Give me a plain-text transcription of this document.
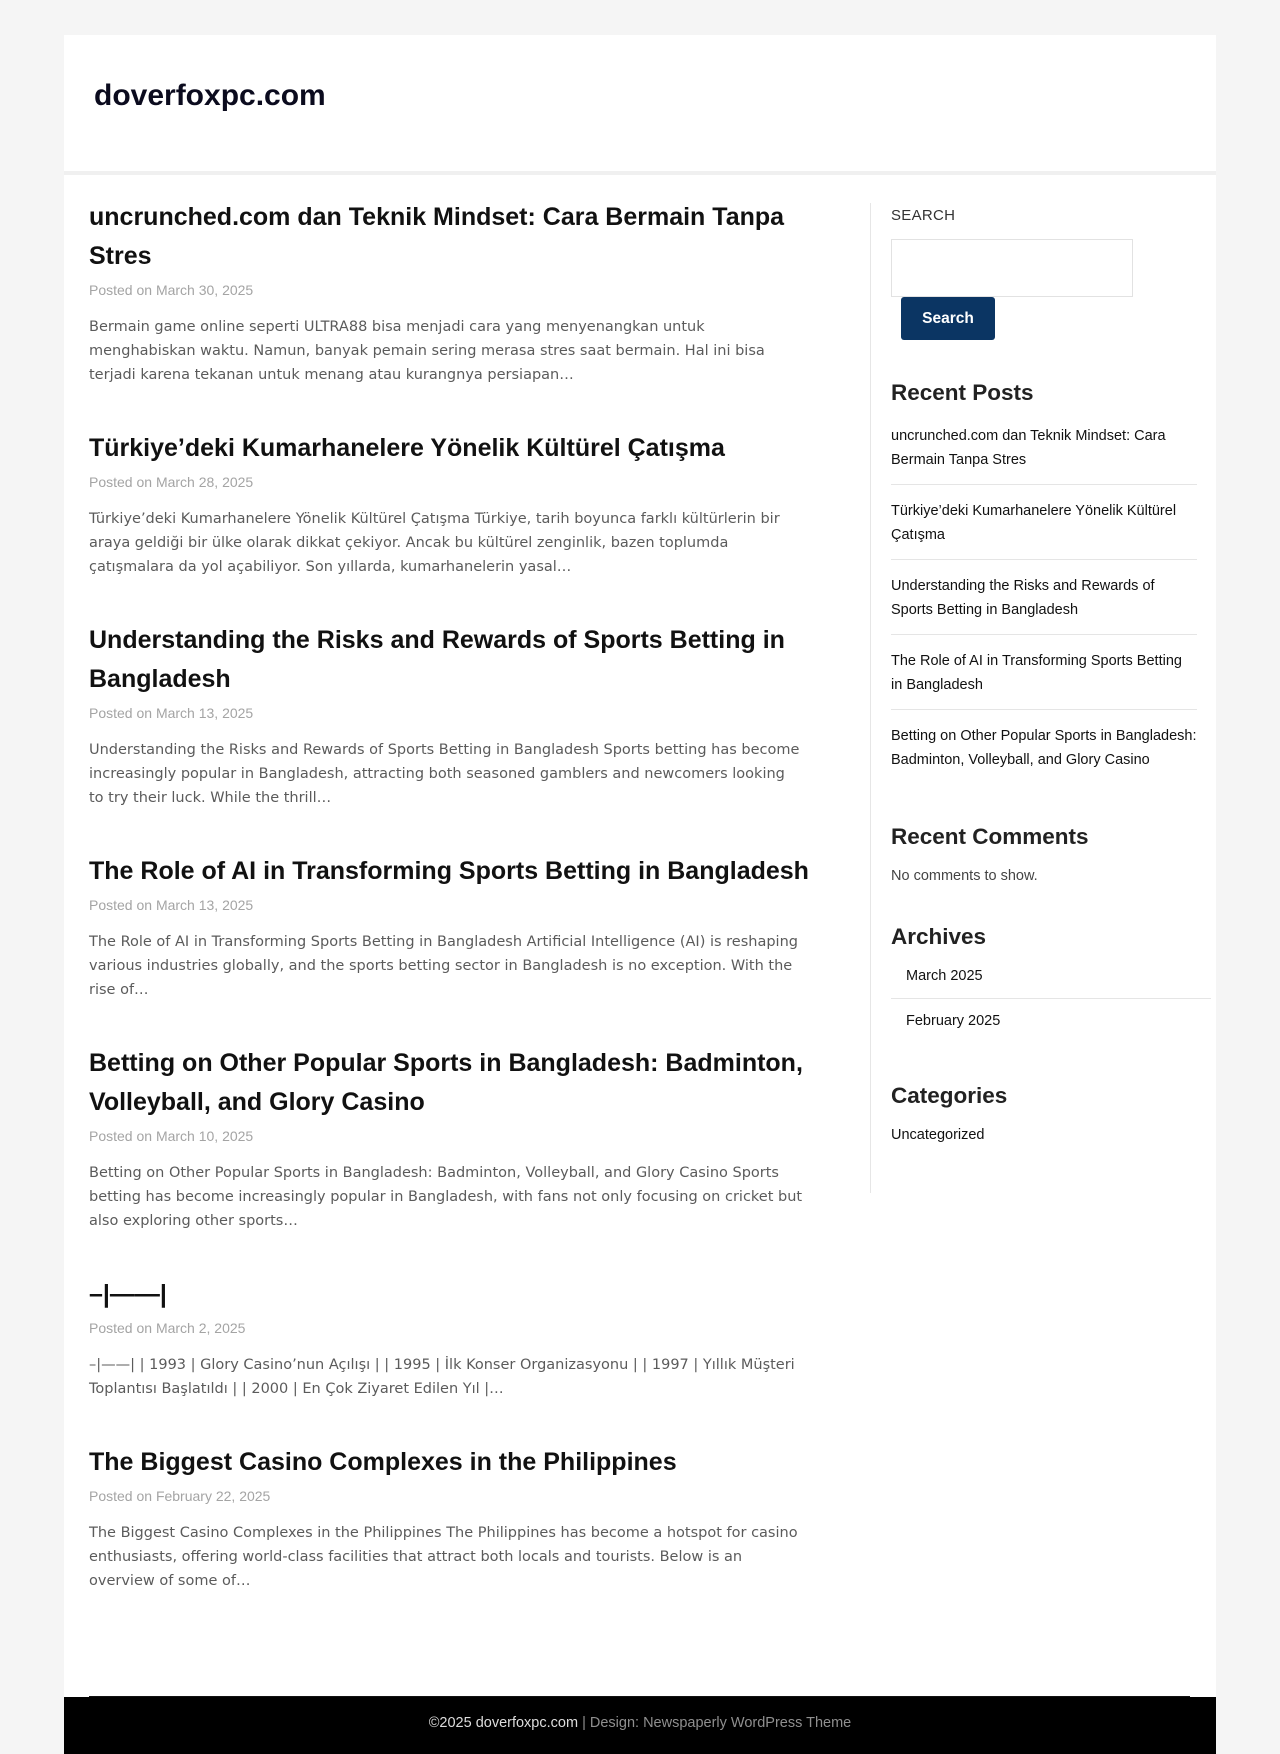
doverfoxpc.com
uncrunched.com dan Teknik Mindset: Cara Bermain Tanpa Stres
Posted on March 30, 2025

Bermain game online seperti ULTRA88 bisa menjadi cara yang menyenangkan untuk menghabiskan waktu. Namun, banyak pemain sering merasa stres saat bermain. Hal ini bisa terjadi karena tekanan untuk menang atau kurangnya persiapan…

Türkiye’deki Kumarhanelere Yönelik Kültürel Çatışma
Posted on March 28, 2025

Türkiye’deki Kumarhanelere Yönelik Kültürel Çatışma Türkiye, tarih boyunca farklı kültürlerin bir araya geldiği bir ülke olarak dikkat çekiyor. Ancak bu kültürel zenginlik, bazen toplumda çatışmalara da yol açabiliyor. Son yıllarda, kumarhanelerin yasal…

Understanding the Risks and Rewards of Sports Betting in Bangladesh
Posted on March 13, 2025

Understanding the Risks and Rewards of Sports Betting in Bangladesh Sports betting has become increasingly popular in Bangladesh, attracting both seasoned gamblers and newcomers looking to try their luck. While the thrill…

The Role of AI in Transforming Sports Betting in Bangladesh
Posted on March 13, 2025

The Role of AI in Transforming Sports Betting in Bangladesh Artificial Intelligence (AI) is reshaping various industries globally, and the sports betting sector in Bangladesh is no exception. With the rise of…

Betting on Other Popular Sports in Bangladesh: Badminton, Volleyball, and Glory Casino
Posted on March 10, 2025

Betting on Other Popular Sports in Bangladesh: Badminton, Volleyball, and Glory Casino Sports betting has become increasingly popular in Bangladesh, with fans not only focusing on cricket but also exploring other sports…

–|——|
Posted on March 2, 2025

–|——| | 1993 | Glory Casino’nun Açılışı | | 1995 | İlk Konser Organizasyonu | | 1997 | Yıllık Müşteri Toplantısı Başlatıldı | | 2000 | En Çok Ziyaret Edilen Yıl |…

The Biggest Casino Complexes in the Philippines
Posted on February 22, 2025

The Biggest Casino Complexes in the Philippines The Philippines has become a hotspot for casino enthusiasts, offering world-class facilities that attract both locals and tourists. Below is an overview of some of…

SEARCH
Search
Recent Posts
uncrunched.com dan Teknik Mindset: Cara Bermain Tanpa Stres
Türkiye’deki Kumarhanelere Yönelik Kültürel Çatışma
Understanding the Risks and Rewards of Sports Betting in Bangladesh
The Role of AI in Transforming Sports Betting in Bangladesh
Betting on Other Popular Sports in Bangladesh: Badminton, Volleyball, and Glory Casino
Recent Comments
No comments to show.
Archives
March 2025
February 2025
Categories
Uncategorized
©2025 doverfoxpc.com | Design: Newspaperly WordPress Theme
